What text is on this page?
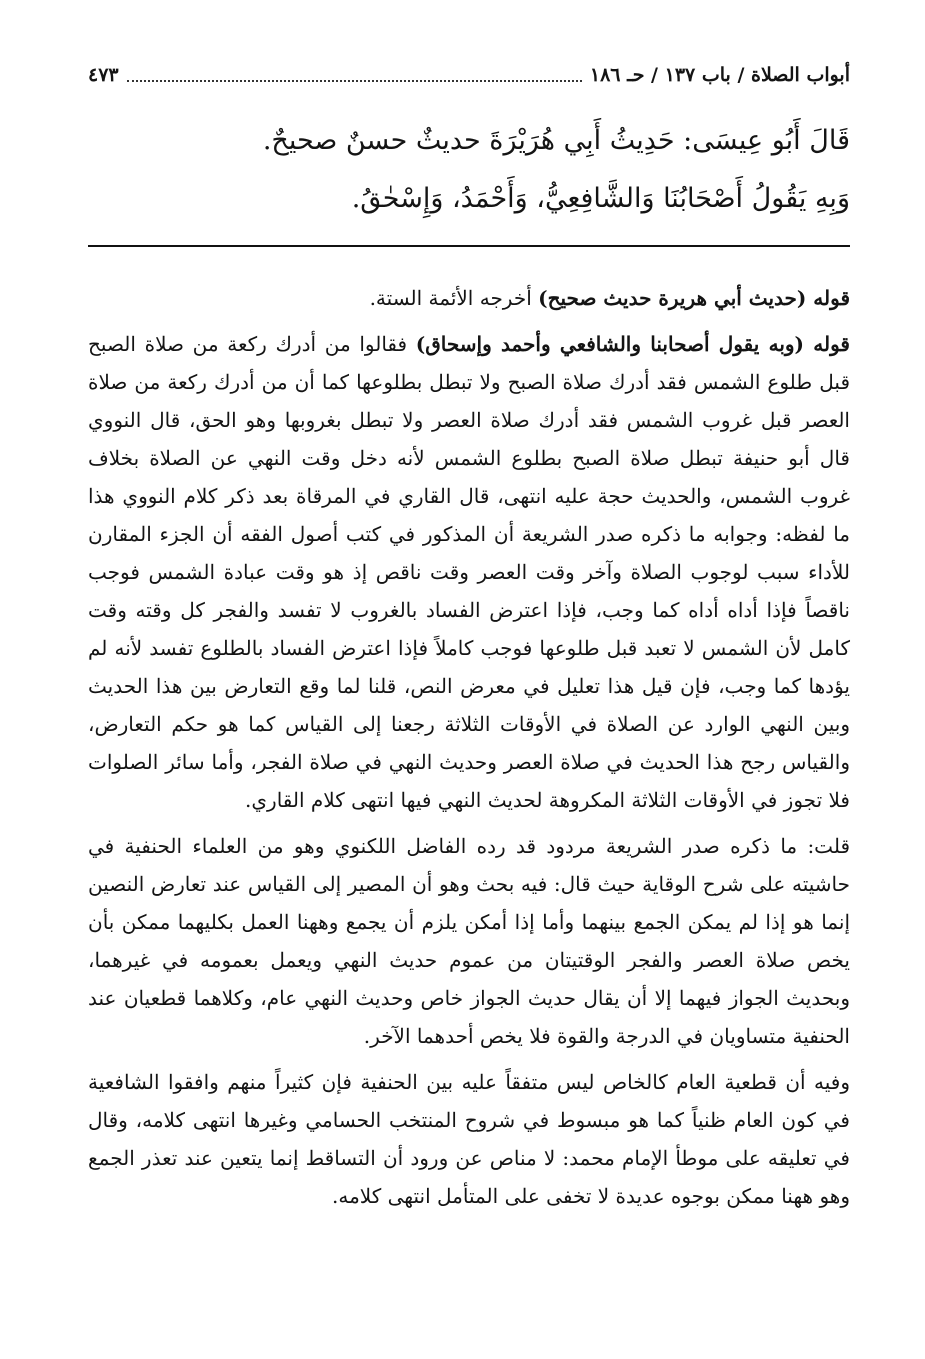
أبواب الصلاة / باب ١٣٧ / حـ ١٨٦
٤٧٣

قَالَ أَبُو عِيسَى: حَدِيثُ أَبِي هُرَيْرَةَ حديثٌ حسنٌ صحيحٌ.

وَبِهِ يَقُولُ أَصْحَابُنَا وَالشَّافِعِيُّ، وَأَحْمَدُ، وَإِسْحٰقُ.

قوله (حديث أبي هريرة حديث صحيح) أخرجه الأئمة الستة.

قوله (وبه يقول أصحابنا والشافعي وأحمد وإسحاق) فقالوا من أدرك ركعة من صلاة الصبح قبل طلوع الشمس فقد أدرك صلاة الصبح ولا تبطل بطلوعها كما أن من أدرك ركعة من صلاة العصر قبل غروب الشمس فقد أدرك صلاة العصر ولا تبطل بغروبها وهو الحق، قال النووي قال أبو حنيفة تبطل صلاة الصبح بطلوع الشمس لأنه دخل وقت النهي عن الصلاة بخلاف غروب الشمس، والحديث حجة عليه انتهى، قال القاري في المرقاة بعد ذكر كلام النووي هذا ما لفظه: وجوابه ما ذكره صدر الشريعة أن المذكور في كتب أصول الفقه أن الجزء المقارن للأداء سبب لوجوب الصلاة وآخر وقت العصر وقت ناقص إذ هو وقت عبادة الشمس فوجب ناقصاً فإذا أداه أداه كما وجب، فإذا اعترض الفساد بالغروب لا تفسد والفجر كل وقته وقت كامل لأن الشمس لا تعبد قبل طلوعها فوجب كاملاً فإذا اعترض الفساد بالطلوع تفسد لأنه لم يؤدها كما وجب، فإن قيل هذا تعليل في معرض النص، قلنا لما وقع التعارض بين هذا الحديث وبين النهي الوارد عن الصلاة في الأوقات الثلاثة رجعنا إلى القياس كما هو حكم التعارض، والقياس رجح هذا الحديث في صلاة العصر وحديث النهي في صلاة الفجر، وأما سائر الصلوات فلا تجوز في الأوقات الثلاثة المكروهة لحديث النهي فيها انتهى كلام القاري.

قلت: ما ذكره صدر الشريعة مردود قد رده الفاضل اللكنوي وهو من العلماء الحنفية في حاشيته على شرح الوقاية حيث قال: فيه بحث وهو أن المصير إلى القياس عند تعارض النصين إنما هو إذا لم يمكن الجمع بينهما وأما إذا أمكن يلزم أن يجمع وههنا العمل بكليهما ممكن بأن يخص صلاة العصر والفجر الوقتيتان من عموم حديث النهي ويعمل بعمومه في غيرهما، وبحديث الجواز فيهما إلا أن يقال حديث الجواز خاص وحديث النهي عام، وكلاهما قطعيان عند الحنفية متساويان في الدرجة والقوة فلا يخص أحدهما الآخر.

وفيه أن قطعية العام كالخاص ليس متفقاً عليه بين الحنفية فإن كثيراً منهم وافقوا الشافعية في كون العام ظنياً كما هو مبسوط في شروح المنتخب الحسامي وغيرها انتهى كلامه، وقال في تعليقه على موطأ الإمام محمد: لا مناص عن ورود أن التساقط إنما يتعين عند تعذر الجمع وهو ههنا ممكن بوجوه عديدة لا تخفى على المتأمل انتهى كلامه.
